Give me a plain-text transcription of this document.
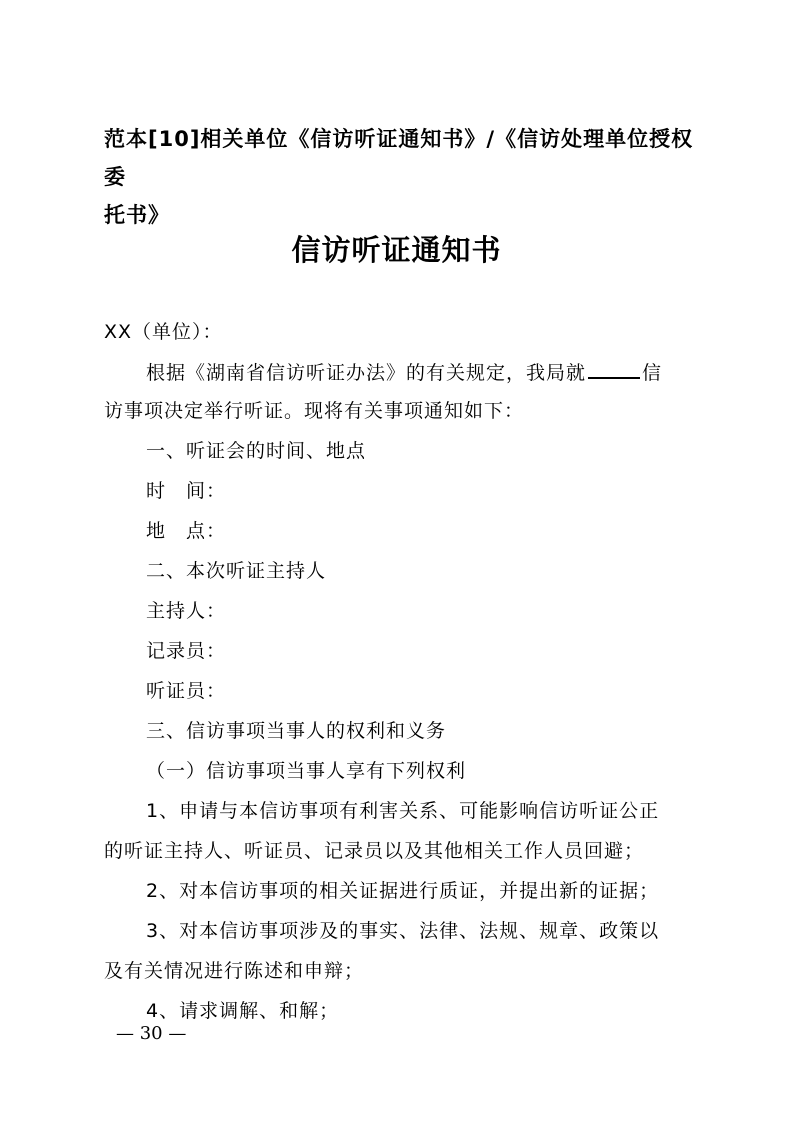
范本[10]相关单位《信访听证通知书》/《信访处理单位授权委
托书》
信访听证通知书
XX（单位）：
根据《湖南省信访听证办法》的有关规定，我局就	信
访事项决定举行听证。现将有关事项通知如下：
一、听证会的时间、地点
时　间：
地　点：
二、本次听证主持人
主持人：
记录员：
听证员：
三、信访事项当事人的权利和义务
（一）信访事项当事人享有下列权利
1、申请与本信访事项有利害关系、可能影响信访听证公正
的听证主持人、听证员、记录员以及其他相关工作人员回避；
2、对本信访事项的相关证据进行质证，并提出新的证据；
3、对本信访事项涉及的事实、法律、法规、规章、政策以
及有关情况进行陈述和申辩；
4、请求调解、和解；
— 30 —
